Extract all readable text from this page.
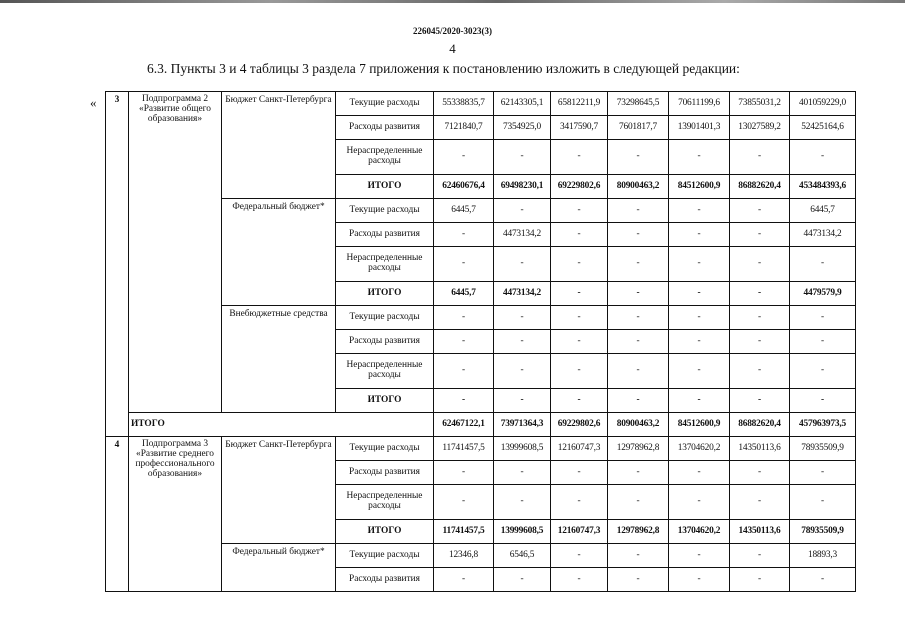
226045/2020-3023(3)
4
6.3. Пункты 3 и 4 таблицы 3 раздела 7 приложения к постановлению изложить в следующей редакции:
« 3	Подпрограмма 2 «Развитие общего образования»	Бюджет Санкт-Петербурга	Текущие расходы	55338835,7	62143305,1	65812211,9	73298645,5	70611199,6	73855031,2	401059229,0
			Расходы развития	7121840,7	7354925,0	3417590,7	7601817,7	13901401,3	13027589,2	52425164,6
			Нераспределенные расходы	-	-	-	-	-	-	-
			ИТОГО	62460676,4	69498230,1	69229802,6	80900463,2	84512600,9	86882620,4	453484393,6
		Федеральный бюджет*	Текущие расходы	6445,7	-	-	-	-	-	6445,7
			Расходы развития	-	4473134,2	-	-	-	-	4473134,2
			Нераспределенные расходы	-	-	-	-	-	-	-
			ИТОГО	6445,7	4473134,2	-	-	-	-	4479579,9
		Внебюджетные средства	Текущие расходы	-	-	-	-	-	-	-
			Расходы развития	-	-	-	-	-	-	-
			Нераспределенные расходы	-	-	-	-	-	-	-
			ИТОГО	-	-	-	-	-	-	-
	ИТОГО			62467122,1	73971364,3	69229802,6	80900463,2	84512600,9	86882620,4	457963973,5
4	Подпрограмма 3 «Развитие среднего профессионального образования»	Бюджет Санкт-Петербурга	Текущие расходы	11741457,5	13999608,5	12160747,3	12978962,8	13704620,2	14350113,6	78935509,9
			Расходы развития	-	-	-	-	-	-	-
			Нераспределенные расходы	-	-	-	-	-	-	-
			ИТОГО	11741457,5	13999608,5	12160747,3	12978962,8	13704620,2	14350113,6	78935509,9
		Федеральный бюджет*	Текущие расходы	12346,8	6546,5	-	-	-	-	18893,3
			Расходы развития	-	-	-	-	-	-	-
